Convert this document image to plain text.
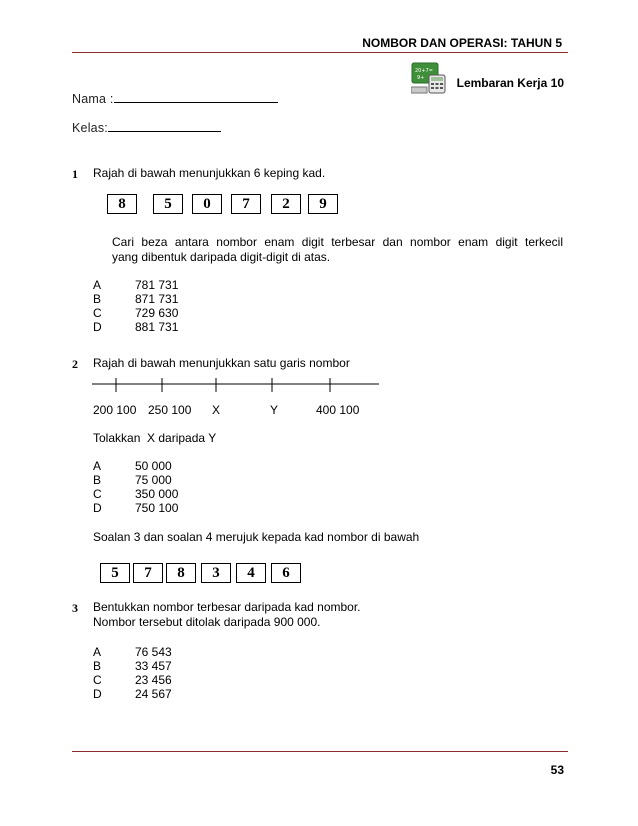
NOMBOR DAN OPERASI: TAHUN 5
20+7=
9+	Lembaran Kerja 10
Nama :
Kelas:
1 Rajah di bawah menunjukkan 6 keping kad.
8	5	0	7	2	9
Cari beza antara nombor enam digit terbesar dan nombor enam digit terkecil
yang dibentuk daripada digit-digit di atas.
A	781 731
B	871 731
C	729 630
D	881 731
2 Rajah di bawah menunjukkan satu garis nombor
200 100 250 100 X	Y	400 100
Tolakkan  X daripada Y
A	50 000
B	75 000
C	350 000
D	750 100
Soalan 3 dan soalan 4 merujuk kepada kad nombor di bawah
5	7	8	3	4	6
3 Bentukkan nombor terbesar daripada kad nombor.
Nombor tersebut ditolak daripada 900 000.
A	76 543
B	33 457
C	23 456
D	24 567
53
